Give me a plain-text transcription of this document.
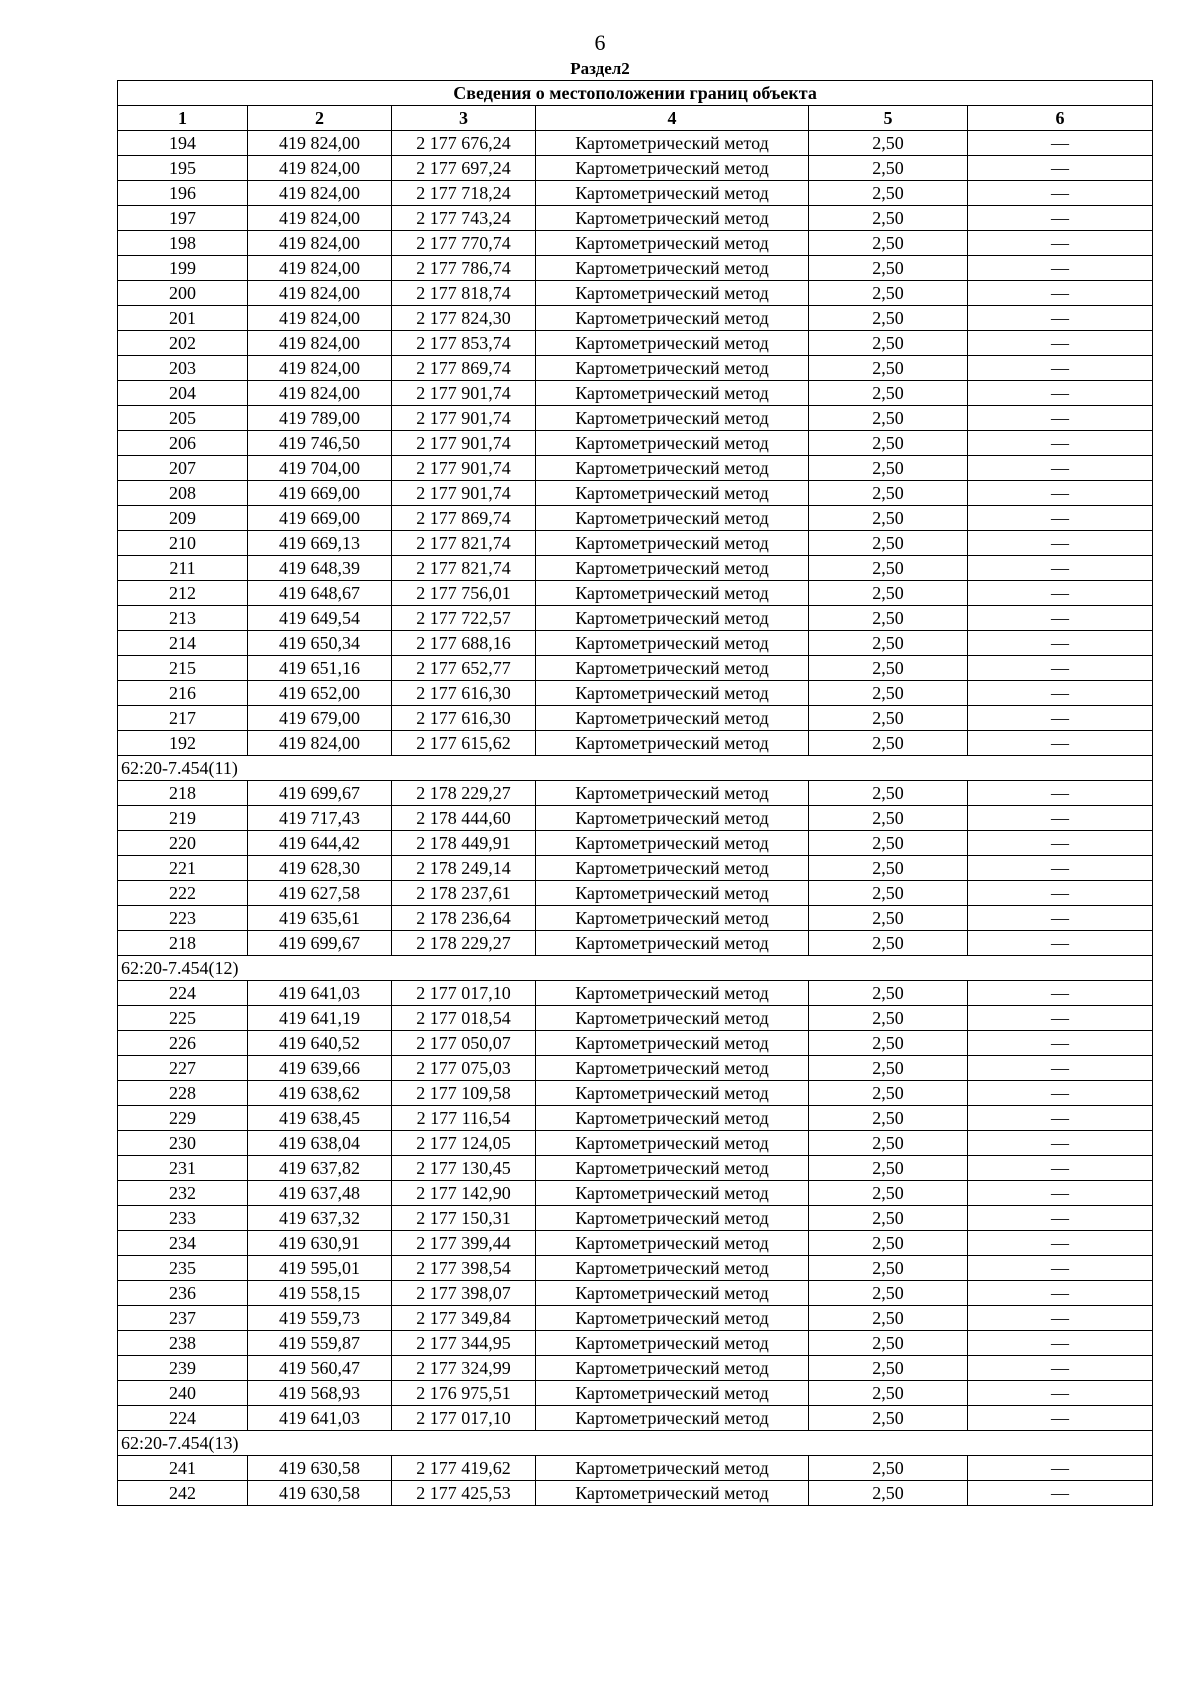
6
Раздел2
Сведения о местоположении границ объекта					
1	2	3	4	5	6
194	419 824,00	2 177 676,24	Картометрический метод	2,50	—
195	419 824,00	2 177 697,24	Картометрический метод	2,50	—
196	419 824,00	2 177 718,24	Картометрический метод	2,50	—
197	419 824,00	2 177 743,24	Картометрический метод	2,50	—
198	419 824,00	2 177 770,74	Картометрический метод	2,50	—
199	419 824,00	2 177 786,74	Картометрический метод	2,50	—
200	419 824,00	2 177 818,74	Картометрический метод	2,50	—
201	419 824,00	2 177 824,30	Картометрический метод	2,50	—
202	419 824,00	2 177 853,74	Картометрический метод	2,50	—
203	419 824,00	2 177 869,74	Картометрический метод	2,50	—
204	419 824,00	2 177 901,74	Картометрический метод	2,50	—
205	419 789,00	2 177 901,74	Картометрический метод	2,50	—
206	419 746,50	2 177 901,74	Картометрический метод	2,50	—
207	419 704,00	2 177 901,74	Картометрический метод	2,50	—
208	419 669,00	2 177 901,74	Картометрический метод	2,50	—
209	419 669,00	2 177 869,74	Картометрический метод	2,50	—
210	419 669,13	2 177 821,74	Картометрический метод	2,50	—
211	419 648,39	2 177 821,74	Картометрический метод	2,50	—
212	419 648,67	2 177 756,01	Картометрический метод	2,50	—
213	419 649,54	2 177 722,57	Картометрический метод	2,50	—
214	419 650,34	2 177 688,16	Картометрический метод	2,50	—
215	419 651,16	2 177 652,77	Картометрический метод	2,50	—
216	419 652,00	2 177 616,30	Картометрический метод	2,50	—
217	419 679,00	2 177 616,30	Картометрический метод	2,50	—
192	419 824,00	2 177 615,62	Картометрический метод	2,50	—
62:20-7.454(11)					
218	419 699,67	2 178 229,27	Картометрический метод	2,50	—
219	419 717,43	2 178 444,60	Картометрический метод	2,50	—
220	419 644,42	2 178 449,91	Картометрический метод	2,50	—
221	419 628,30	2 178 249,14	Картометрический метод	2,50	—
222	419 627,58	2 178 237,61	Картометрический метод	2,50	—
223	419 635,61	2 178 236,64	Картометрический метод	2,50	—
218	419 699,67	2 178 229,27	Картометрический метод	2,50	—
62:20-7.454(12)					
224	419 641,03	2 177 017,10	Картометрический метод	2,50	—
225	419 641,19	2 177 018,54	Картометрический метод	2,50	—
226	419 640,52	2 177 050,07	Картометрический метод	2,50	—
227	419 639,66	2 177 075,03	Картометрический метод	2,50	—
228	419 638,62	2 177 109,58	Картометрический метод	2,50	—
229	419 638,45	2 177 116,54	Картометрический метод	2,50	—
230	419 638,04	2 177 124,05	Картометрический метод	2,50	—
231	419 637,82	2 177 130,45	Картометрический метод	2,50	—
232	419 637,48	2 177 142,90	Картометрический метод	2,50	—
233	419 637,32	2 177 150,31	Картометрический метод	2,50	—
234	419 630,91	2 177 399,44	Картометрический метод	2,50	—
235	419 595,01	2 177 398,54	Картометрический метод	2,50	—
236	419 558,15	2 177 398,07	Картометрический метод	2,50	—
237	419 559,73	2 177 349,84	Картометрический метод	2,50	—
238	419 559,87	2 177 344,95	Картометрический метод	2,50	—
239	419 560,47	2 177 324,99	Картометрический метод	2,50	—
240	419 568,93	2 176 975,51	Картометрический метод	2,50	—
224	419 641,03	2 177 017,10	Картометрический метод	2,50	—
62:20-7.454(13)					
241	419 630,58	2 177 419,62	Картометрический метод	2,50	—
242	419 630,58	2 177 425,53	Картометрический метод	2,50	—
